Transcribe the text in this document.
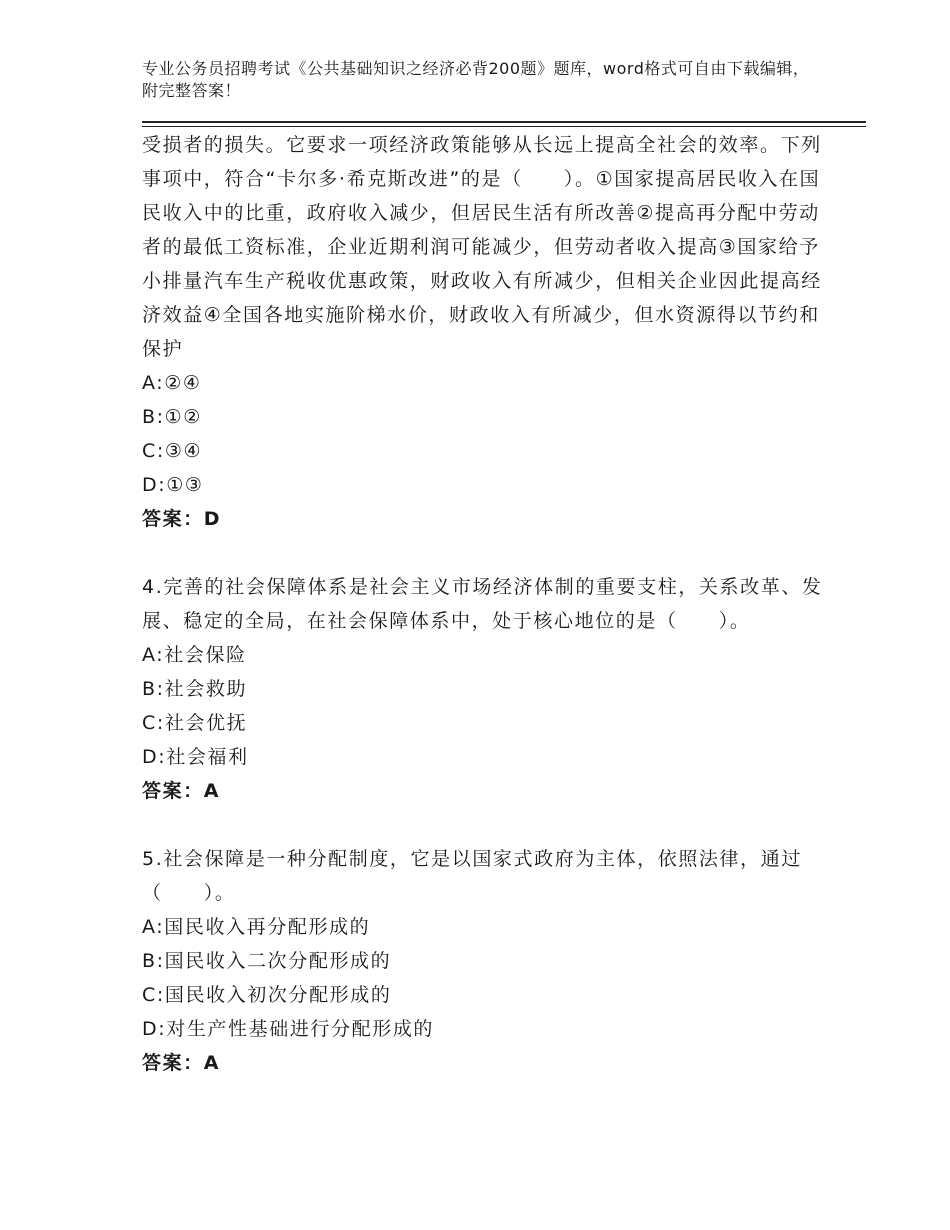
专业公务员招聘考试《公共基础知识之经济必背200题》题库，word格式可自由下载编辑，附完整答案！
受损者的损失。它要求一项经济政策能够从长远上提高全社会的效率。下列事项中，符合“卡尔多·希克斯改进”的是（　　）。①国家提高居民收入在国民收入中的比重，政府收入减少，但居民生活有所改善②提高再分配中劳动者的最低工资标准，企业近期利润可能减少，但劳动者收入提高③国家给予小排量汽车生产税收优惠政策，财政收入有所减少，但相关企业因此提高经济效益④全国各地实施阶梯水价，财政收入有所减少，但水资源得以节约和保护
A:②④
B:①②
C:③④
D:①③
答案：D
4.完善的社会保障体系是社会主义市场经济体制的重要支柱，关系改革、发展、稳定的全局，在社会保障体系中，处于核心地位的是（　　）。
A:社会保险
B:社会救助
C:社会优抚
D:社会福利
答案：A
5.社会保障是一种分配制度，它是以国家式政府为主体，依照法律，通过（　　）。
A:国民收入再分配形成的
B:国民收入二次分配形成的
C:国民收入初次分配形成的
D:对生产性基础进行分配形成的
答案：A
